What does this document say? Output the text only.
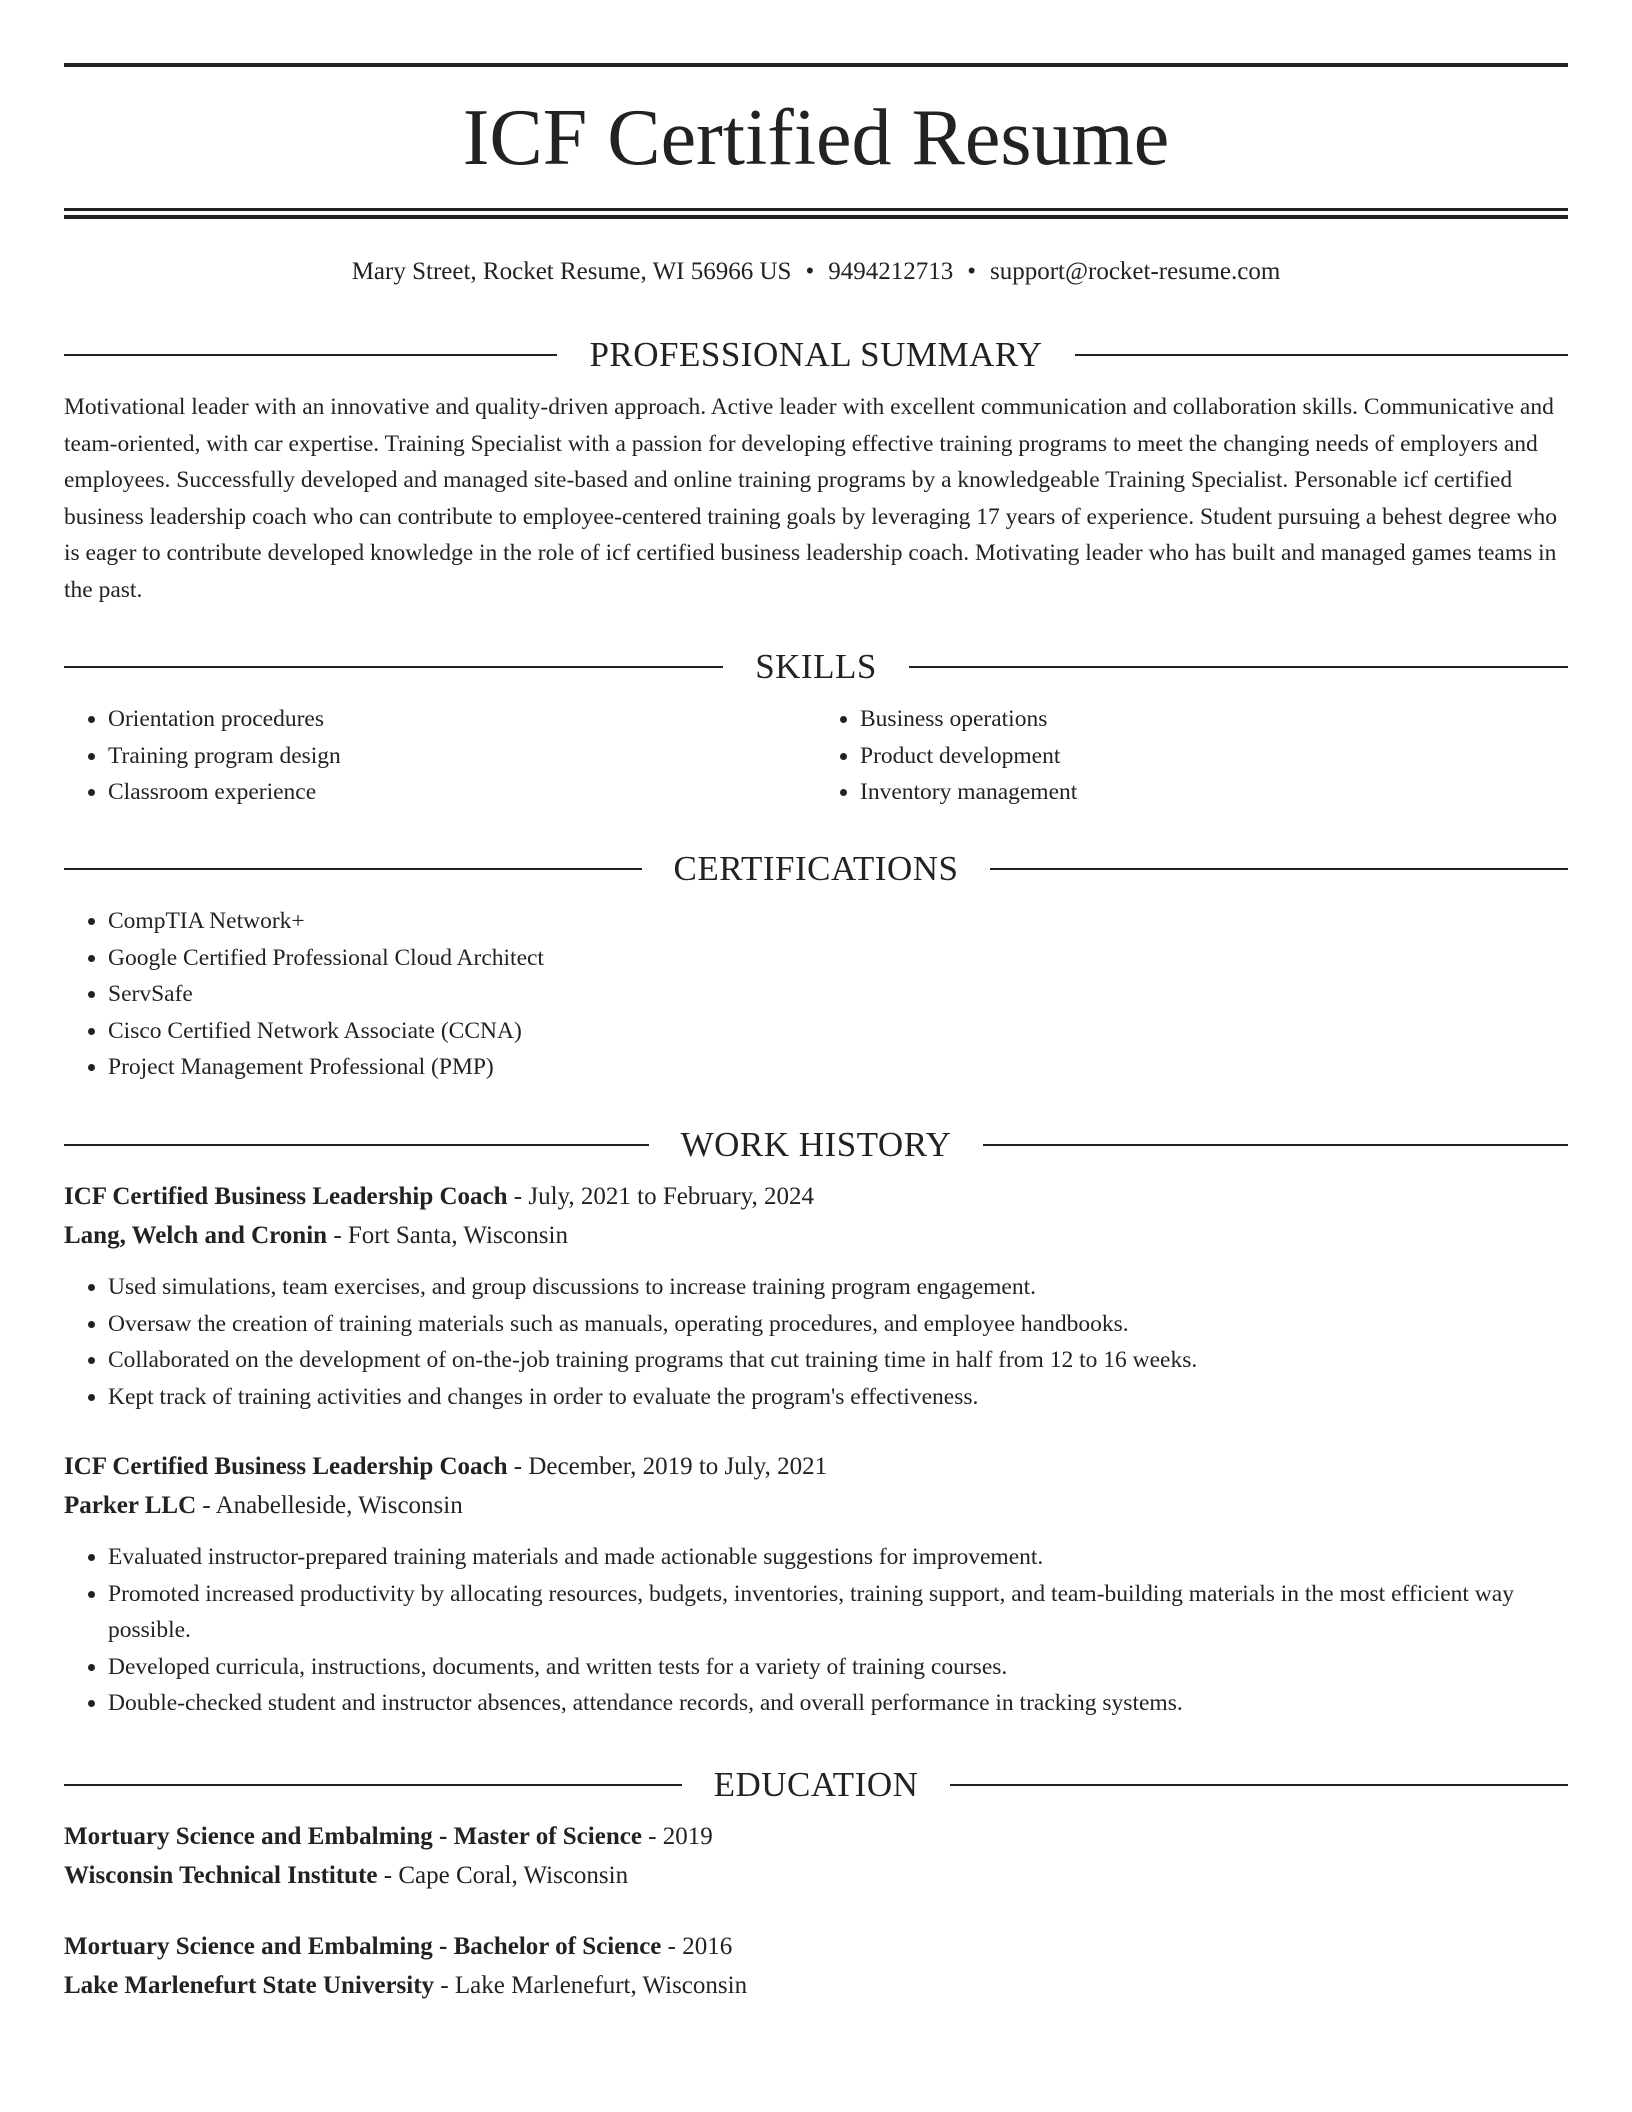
ICF Certified Resume
Mary Street, Rocket Resume, WI 56966 US • 9494212713 • support@rocket-resume.com
PROFESSIONAL SUMMARY

Motivational leader with an innovative and quality-driven approach. Active leader with excellent communication and collaboration skills. Communicative and team-oriented, with car expertise. Training Specialist with a passion for developing effective training programs to meet the changing needs of employers and employees. Successfully developed and managed site-based and online training programs by a knowledgeable Training Specialist. Personable icf certified business leadership coach who can contribute to employee-centered training goals by leveraging 17 years of experience. Student pursuing a behest degree who is eager to contribute developed knowledge in the role of icf certified business leadership coach. Motivating leader who has built and managed games teams in the past.

SKILLS
• Orientation procedures
• Training program design
• Classroom experience
• Business operations
• Product development
• Inventory management
CERTIFICATIONS
• CompTIA Network+
• Google Certified Professional Cloud Architect
• ServSafe
• Cisco Certified Network Associate (CCNA)
• Project Management Professional (PMP)
WORK HISTORY
ICF Certified Business Leadership Coach - July, 2021 to February, 2024
Lang, Welch and Cronin - Fort Santa, Wisconsin
• Used simulations, team exercises, and group discussions to increase training program engagement.
• Oversaw the creation of training materials such as manuals, operating procedures, and employee handbooks.
• Collaborated on the development of on-the-job training programs that cut training time in half from 12 to 16 weeks.
• Kept track of training activities and changes in order to evaluate the program's effectiveness.
ICF Certified Business Leadership Coach - December, 2019 to July, 2021
Parker LLC - Anabelleside, Wisconsin
• Evaluated instructor-prepared training materials and made actionable suggestions for improvement.
• Promoted increased productivity by allocating resources, budgets, inventories, training support, and team-building materials in the most efficient way possible.
• Developed curricula, instructions, documents, and written tests for a variety of training courses.
• Double-checked student and instructor absences, attendance records, and overall performance in tracking systems.
EDUCATION
Mortuary Science and Embalming - Master of Science - 2019
Wisconsin Technical Institute - Cape Coral, Wisconsin
Mortuary Science and Embalming - Bachelor of Science - 2016
Lake Marlenefurt State University - Lake Marlenefurt, Wisconsin
